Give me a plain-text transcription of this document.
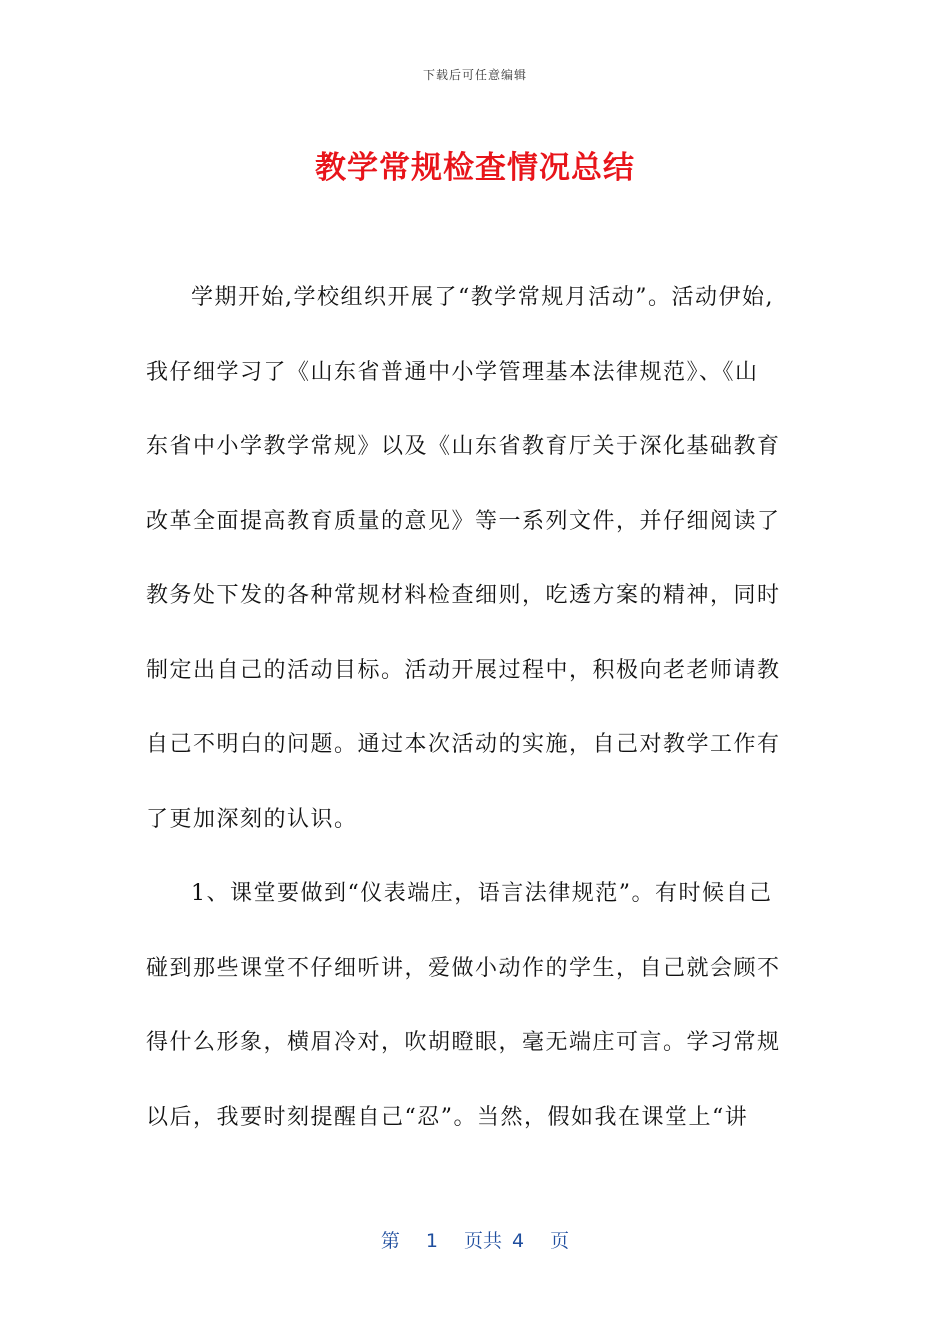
下载后可任意编辑
教学常规检查情况总结
学期开始,学校组织开展了“教学常规月活动”。活动伊始,
我仔细学习了《山东省普通中小学管理基本法律规范》、《山
东省中小学教学常规》以及《山东省教育厅关于深化基础教育
改革全面提高教育质量的意见》等一系列文件，并仔细阅读了
教务处下发的各种常规材料检查细则，吃透方案的精神，同时
制定出自己的活动目标。活动开展过程中，积极向老老师请教
自己不明白的问题。通过本次活动的实施，自己对教学工作有
了更加深刻的认识。
1、课堂要做到“仪表端庄，语言法律规范”。有时候自己
碰到那些课堂不仔细听讲，爱做小动作的学生，自己就会顾不
得什么形象，横眉冷对，吹胡瞪眼，毫无端庄可言。学习常规
以后，我要时刻提醒自己“忍”。当然，假如我在课堂上“讲
第 1 页共 4 页
